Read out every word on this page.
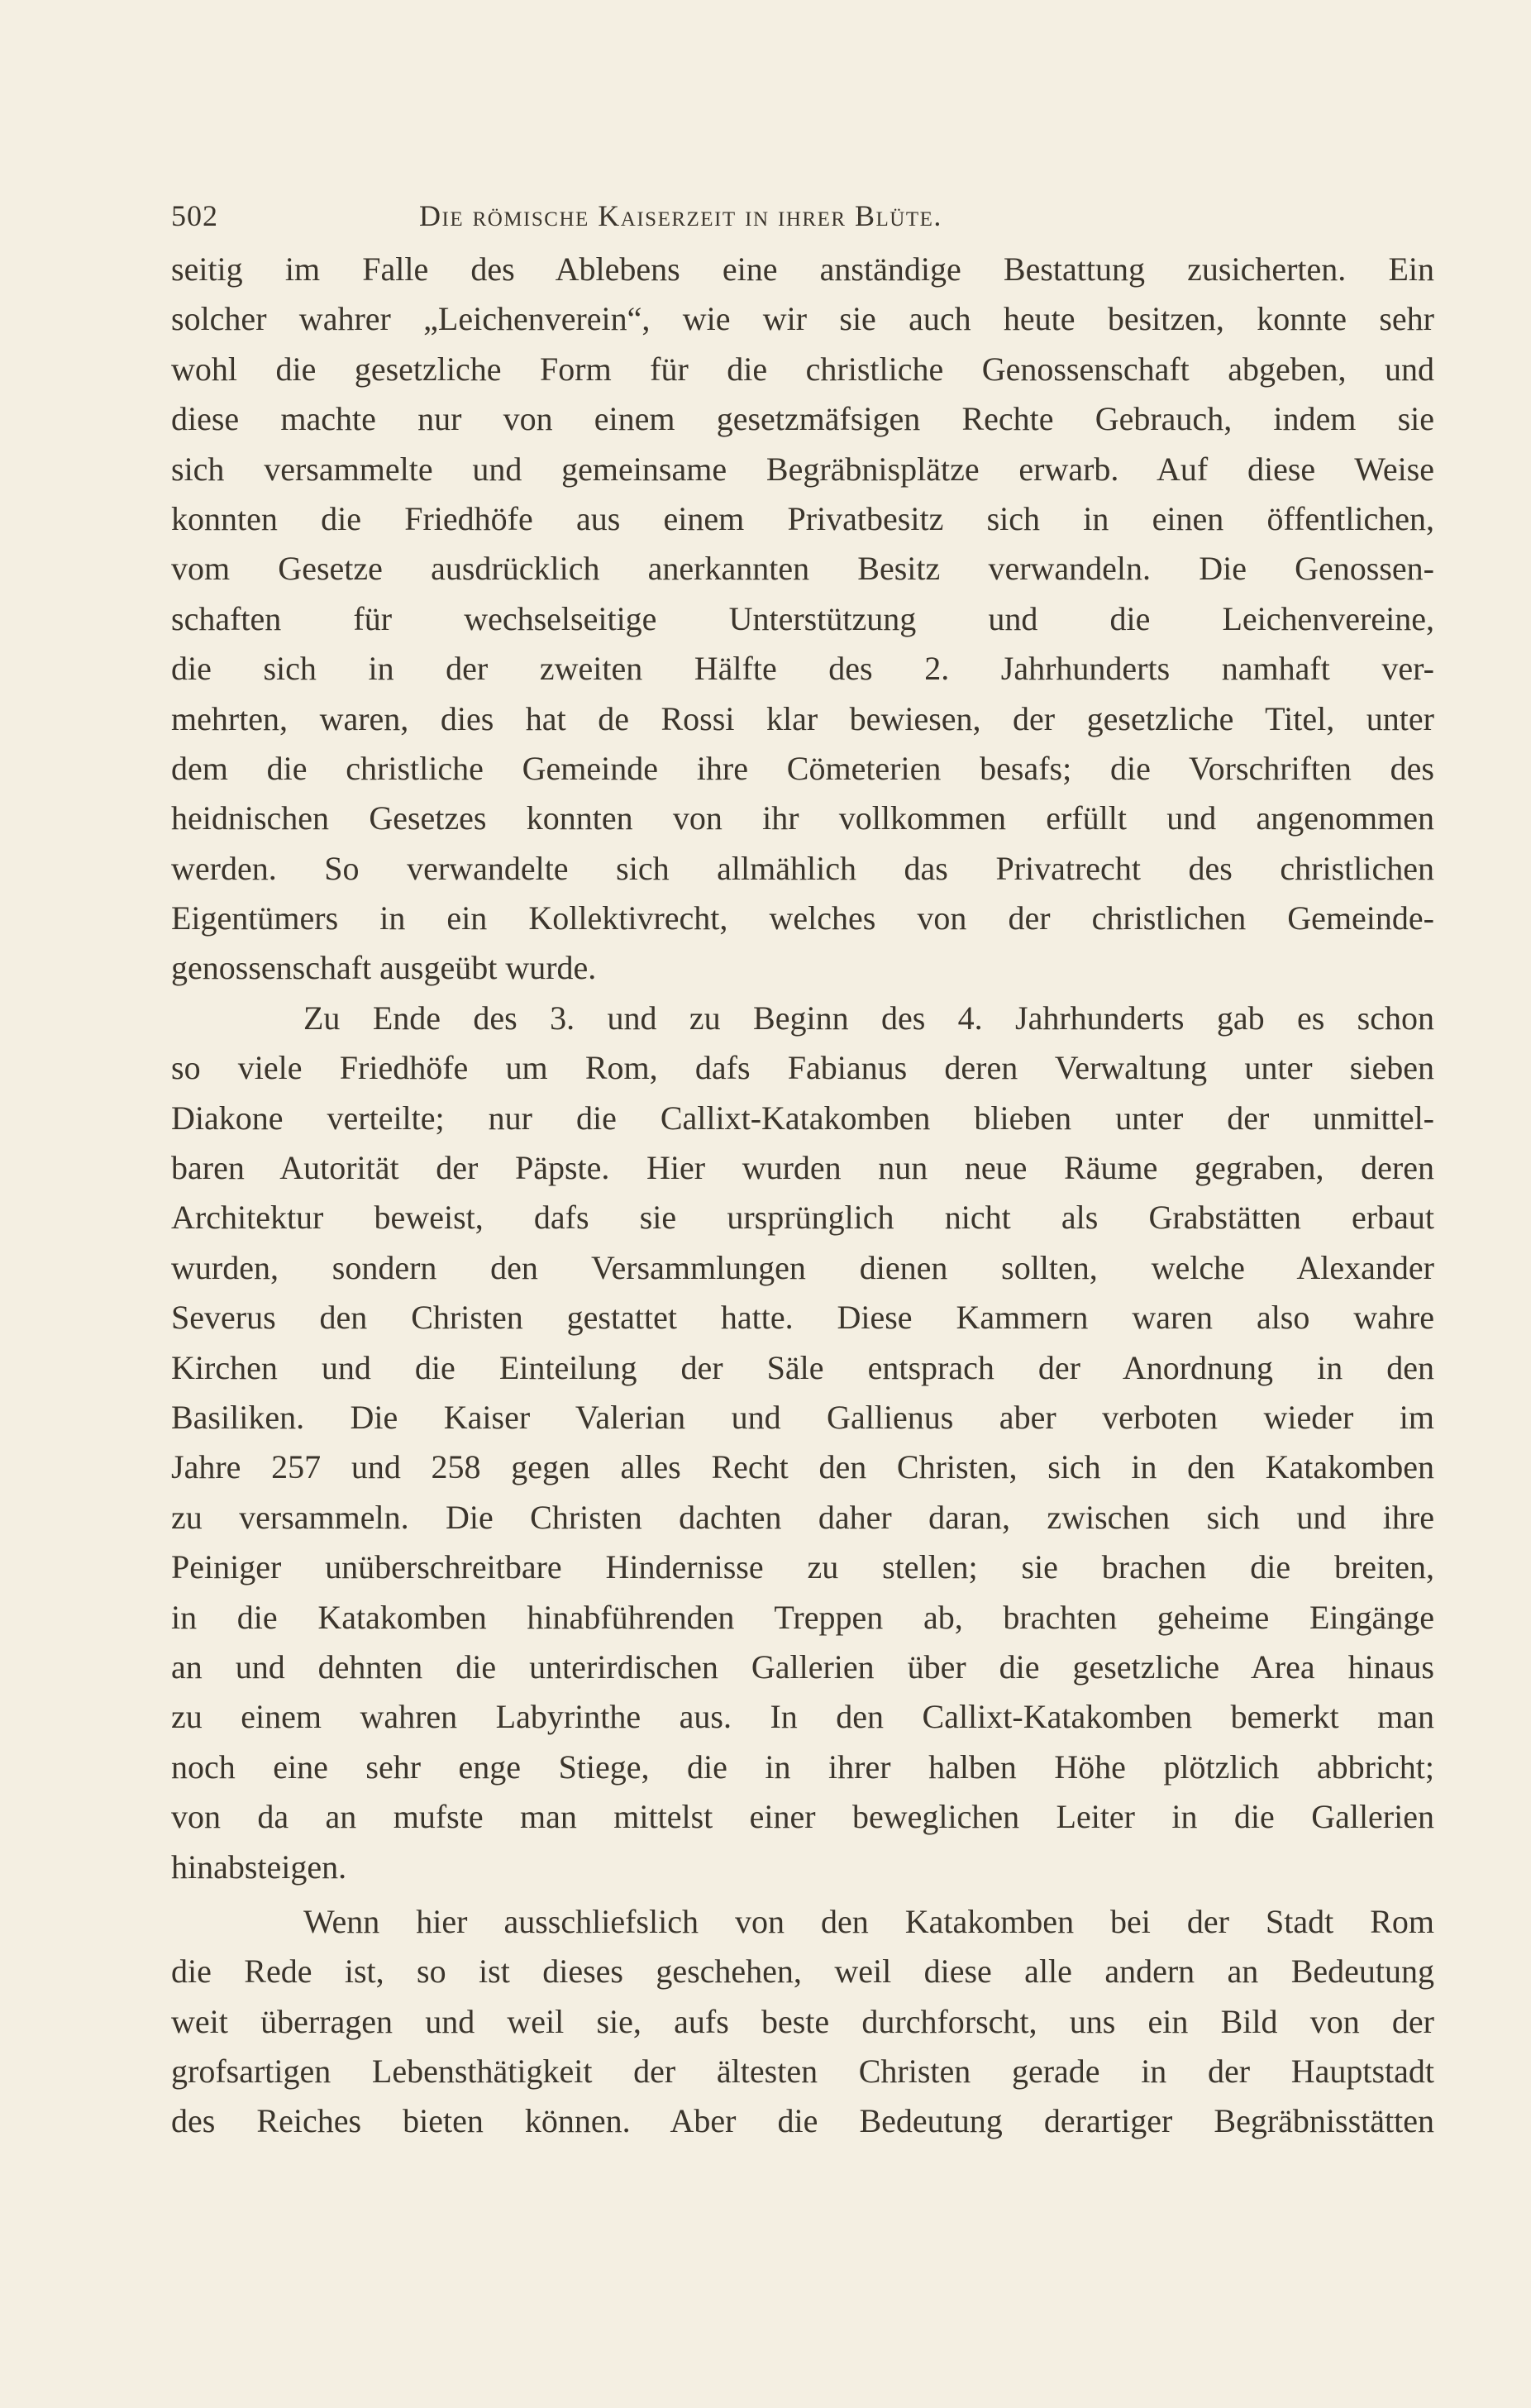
502	Die römische Kaiserzeit in ihrer Blüte.
seitig im Falle des Ablebens eine anständige Bestattung zusicherten. Ein
solcher wahrer „Leichenverein“, wie wir sie auch heute besitzen, konnte sehr
wohl die gesetzliche Form für die christliche Genossenschaft abgeben, und
diese machte nur von einem gesetzmäfsigen Rechte Gebrauch, indem sie
sich versammelte und gemeinsame Begräbnisplätze erwarb. Auf diese Weise
konnten die Friedhöfe aus einem Privatbesitz sich in einen öffentlichen,
vom Gesetze ausdrücklich anerkannten Besitz verwandeln. Die Genossen-
schaften für wechselseitige Unterstützung und die Leichenvereine,
die sich in der zweiten Hälfte des 2. Jahrhunderts namhaft ver-
mehrten, waren, dies hat de Rossi klar bewiesen, der gesetzliche Titel, unter
dem die christliche Gemeinde ihre Cömeterien besafs; die Vorschriften des
heidnischen Gesetzes konnten von ihr vollkommen erfüllt und angenommen
werden. So verwandelte sich allmählich das Privatrecht des christlichen
Eigentümers in ein Kollektivrecht, welches von der christlichen Gemeinde-
genossenschaft ausgeübt wurde.
Zu Ende des 3. und zu Beginn des 4. Jahrhunderts gab es schon
so viele Friedhöfe um Rom, dafs Fabianus deren Verwaltung unter sieben
Diakone verteilte; nur die Callixt-Katakomben blieben unter der unmittel-
baren Autorität der Päpste. Hier wurden nun neue Räume gegraben, deren
Architektur beweist, dafs sie ursprünglich nicht als Grabstätten erbaut
wurden, sondern den Versammlungen dienen sollten, welche Alexander
Severus den Christen gestattet hatte. Diese Kammern waren also wahre
Kirchen und die Einteilung der Säle entsprach der Anordnung in den
Basiliken. Die Kaiser Valerian und Gallienus aber verboten wieder im
Jahre 257 und 258 gegen alles Recht den Christen, sich in den Katakomben
zu versammeln. Die Christen dachten daher daran, zwischen sich und ihre
Peiniger unüberschreitbare Hindernisse zu stellen; sie brachen die breiten,
in die Katakomben hinabführenden Treppen ab, brachten geheime Eingänge
an und dehnten die unterirdischen Gallerien über die gesetzliche Area hinaus
zu einem wahren Labyrinthe aus. In den Callixt-Katakomben bemerkt man
noch eine sehr enge Stiege, die in ihrer halben Höhe plötzlich abbricht;
von da an mufste man mittelst einer beweglichen Leiter in die Gallerien
hinabsteigen.
Wenn hier ausschliefslich von den Katakomben bei der Stadt Rom
die Rede ist, so ist dieses geschehen, weil diese alle andern an Bedeutung
weit überragen und weil sie, aufs beste durchforscht, uns ein Bild von der
grofsartigen Lebensthätigkeit der ältesten Christen gerade in der Hauptstadt
des Reiches bieten können. Aber die Bedeutung derartiger Begräbnisstätten
